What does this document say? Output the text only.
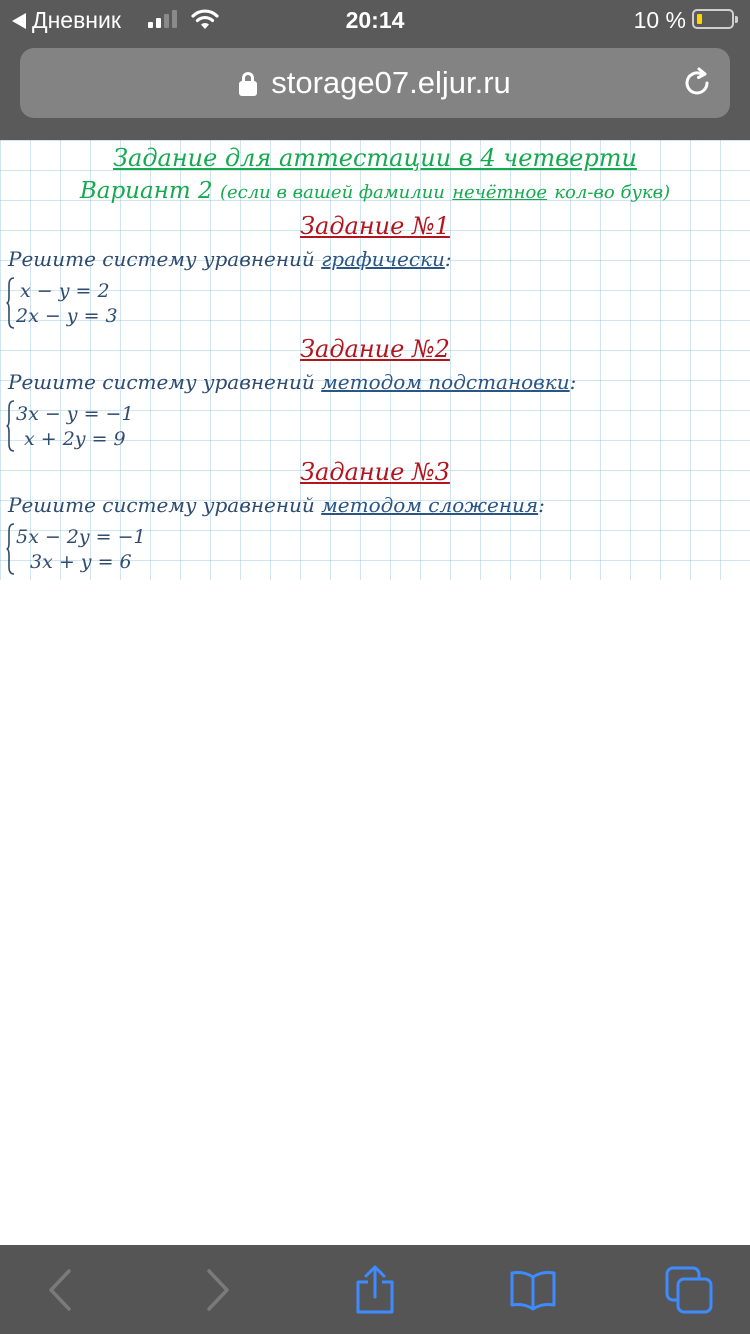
Дневник	20:14	10 %
storage07.eljur.ru
Задание для аттестации в 4 четверти
Вариант 2 (если в вашей фамилии нечётное кол-во букв)
Задание №1
Решите систему уравнений графически:
x − y = 2
2x − y = 3
Задание №2
Решите систему уравнений методом подстановки:
3x − y = −1
x + 2y = 9
Задание №3
Решите систему уравнений методом сложения:
5x − 2y = −1
3x + y = 6
